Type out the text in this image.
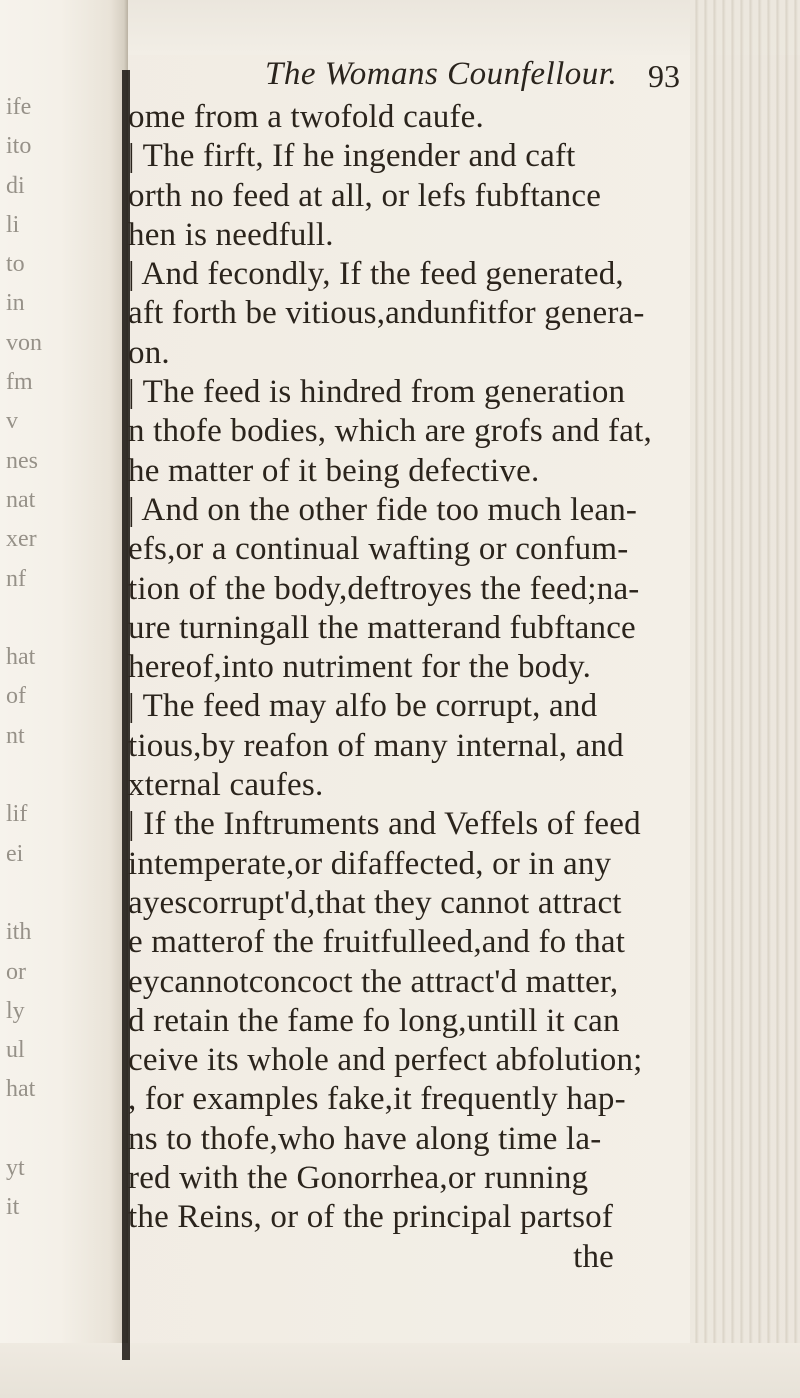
ife
ito
di
li
to
in
von
fm
v
nes
nat
xer
nf
hat
of
nt
lif
ei
ith
or
ly
ul
hat
yt
it
The Womans Counfellour. 93
ome from a twofold caufe.
| The firft, If he ingender and caft
orth no feed at all, or lefs fubftance
hen is needfull.
| And fecondly, If the feed generated,
aft forth be vitious,andunfitfor genera-
on.
| The feed is hindred from generation
n thofe bodies, which are grofs and fat,
he matter of it being defective.
| And on the other fide too much lean-
efs,or a continual wafting or confum-
tion of the body,deftroyes the feed;na-
ure turningall the matterand fubftance
hereof,into nutriment for the body.
| The feed may alfo be corrupt, and
tious,by reafon of many internal, and
xternal caufes.
| If the Inftruments and Veffels of feed
intemperate,or difaffected, or in any
ayescorrupt'd,that they cannot attract
e matterof the fruitfulleed,and fo that
eycannotconcoct the attract'd matter,
d retain the fame fo long,untill it can
ceive its whole and perfect abfolution;
, for examples fake,it frequently hap-
ns to thofe,who have along time la-
red with the Gonorrhea,or running
the Reins, or of the principal partsof
the
